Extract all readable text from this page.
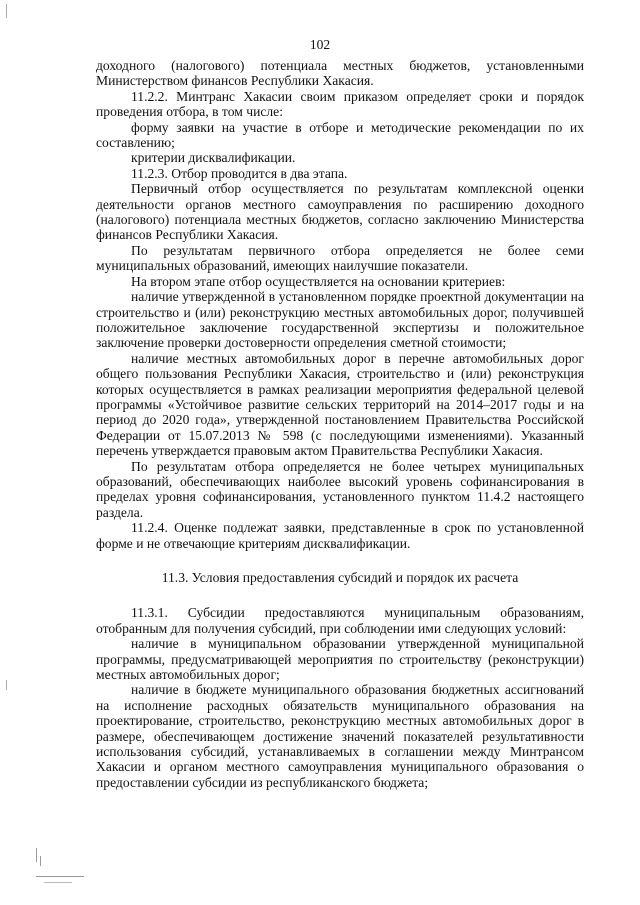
102

доходного (налогового) потенциала местных бюджетов, установленными Министерством финансов Республики Хакасия.

11.2.2. Минтранс Хакасии своим приказом определяет сроки и порядок проведения отбора, в том числе:

форму заявки на участие в отборе и методические рекомендации по их составлению;

критерии дисквалификации.

11.2.3. Отбор проводится в два этапа.

Первичный отбор осуществляется по результатам комплексной оценки деятельности органов местного самоуправления по расширению доходного (налогового) потенциала местных бюджетов, согласно заключению Министерства финансов Республики Хакасия.

По результатам первичного отбора определяется не более семи муниципальных образований, имеющих наилучшие показатели.

На втором этапе отбор осуществляется на основании критериев:

наличие утвержденной в установленном порядке проектной документации на строительство и (или) реконструкцию местных автомобильных дорог, получившей положительное заключение государственной экспертизы и положительное заключение проверки достоверности определения сметной стоимости;

наличие местных автомобильных дорог в перечне автомобильных дорог общего пользования Республики Хакасия, строительство и (или) реконструкция которых осуществляется в рамках реализации мероприятия федеральной целевой программы «Устойчивое развитие сельских территорий на 2014–2017 годы и на период до 2020 года», утвержденной постановлением Правительства Российской Федерации от 15.07.2013 № 598 (с последующими изменениями). Указанный перечень утверждается правовым актом Правительства Республики Хакасия.

По результатам отбора определяется не более четырех муниципальных образований, обеспечивающих наиболее высокий уровень софинансирования в пределах уровня софинансирования, установленного пунктом 11.4.2 настоящего раздела.

11.2.4. Оценке подлежат заявки, представленные в срок по установленной форме и не отвечающие критериям дисквалификации.

11.3. Условия предоставления субсидий и порядок их расчета

11.3.1. Субсидии предоставляются муниципальным образованиям, отобранным для получения субсидий, при соблюдении ими следующих условий:

наличие в муниципальном образовании утвержденной муниципальной программы, предусматривающей мероприятия по строительству (реконструкции) местных автомобильных дорог;

наличие в бюджете муниципального образования бюджетных ассигнований на исполнение расходных обязательств муниципального образования на проектирование, строительство, реконструкцию местных автомобильных дорог в размере, обеспечивающем достижение значений показателей результативности использования субсидий, устанавливаемых в соглашении между Минтрансом Хакасии и органом местного самоуправления муниципального образования о предоставлении субсидии из республиканского бюджета;
